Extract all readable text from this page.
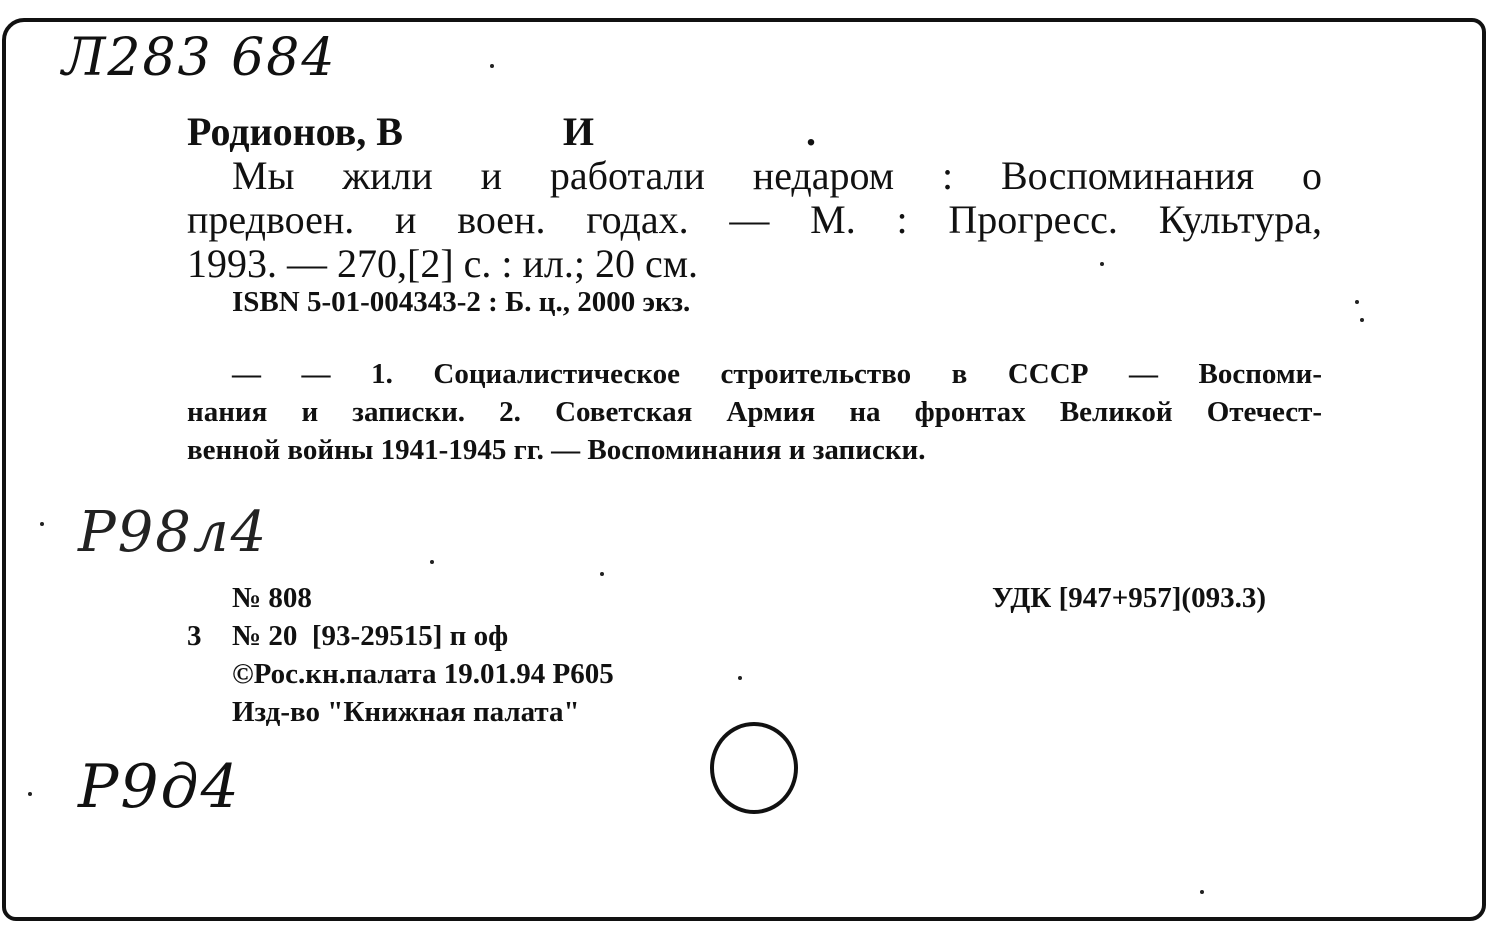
Л283 684
Р98л4
Р9д4
Родионов, В                И	.
Мы жили и работали недаром : Воспоминания о
предвоен. и воен. годах. — М. : Прогресс. Культура,
1993. — 270,[2] с. : ил.; 20 см.
ISBN 5-01-004343-2 : Б. ц., 2000 экз.
— — 1. Социалистическое строительство в СССР — Воспоми-
нания и записки. 2. Советская Армия на фронтах Великой Отечест-
венной войны 1941-1945 гг. — Воспоминания и записки.
№ 808	УДК [947+957](093.3)
3 № 20  [93-29515] п оф
©Рос.кн.палата 19.01.94 Р605
Изд-во "Книжная палата"
